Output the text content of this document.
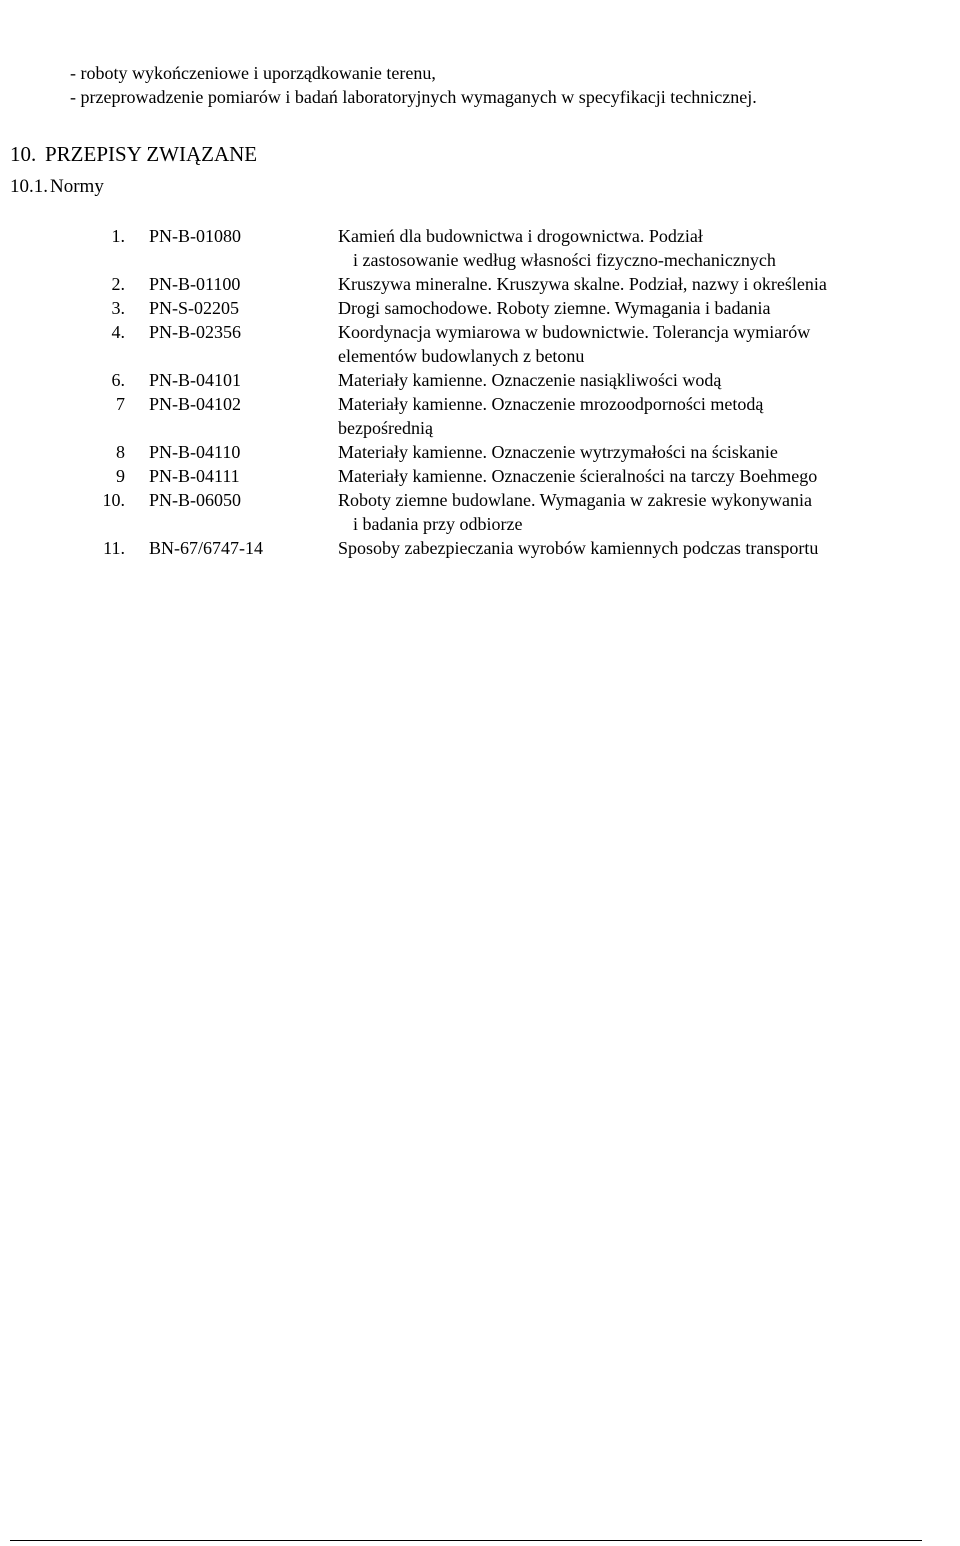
- roboty wykończeniowe i uporządkowanie terenu,
- przeprowadzenie pomiarów i badań laboratoryjnych wymaganych w specyfikacji technicznej.
10. PRZEPISY ZWIĄZANE
10.1. Normy
1. PN-B-01080	Kamień dla budownictwa i drogownictwa. Podział
i zastosowanie według własności fizyczno-mechanicznych
2. PN-B-01100	Kruszywa mineralne. Kruszywa skalne. Podział, nazwy i określenia
3. PN-S-02205	Drogi samochodowe. Roboty ziemne. Wymagania i badania
4. PN-B-02356	Koordynacja wymiarowa w budownictwie. Tolerancja wymiarów
elementów budowlanych z betonu
6. PN-B-04101	Materiały kamienne. Oznaczenie nasiąkliwości wodą
7 PN-B-04102	Materiały kamienne. Oznaczenie mrozoodporności metodą
bezpośrednią
8 PN-B-04110	Materiały kamienne. Oznaczenie wytrzymałości na ściskanie
9 PN-B-04111	Materiały kamienne. Oznaczenie ścieralności na tarczy Boehmego
10. PN-B-06050	Roboty ziemne budowlane. Wymagania w zakresie wykonywania
i badania przy odbiorze
11. BN-67/6747-14	Sposoby zabezpieczania wyrobów kamiennych podczas transportu
